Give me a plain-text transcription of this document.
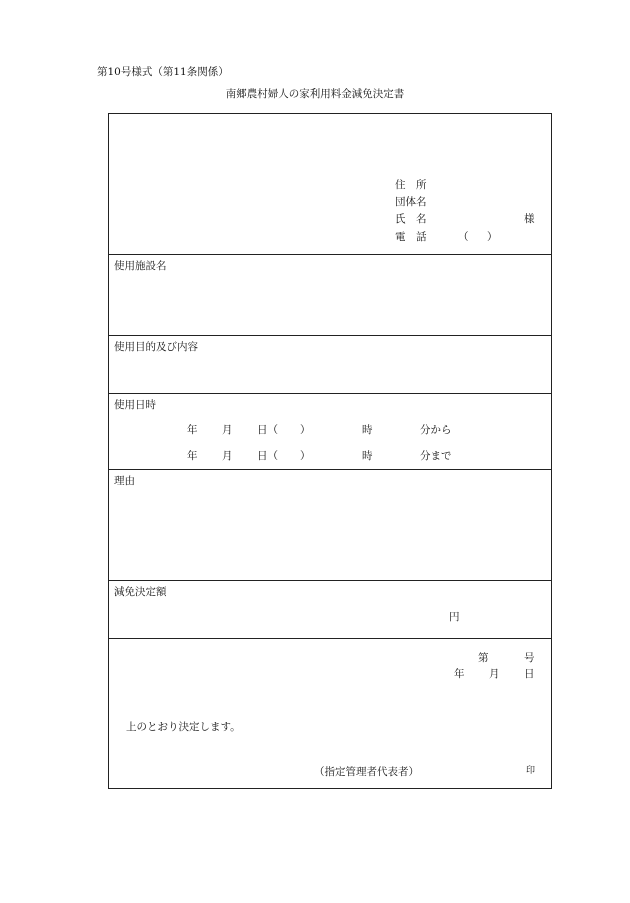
第10号様式（第11条関係）
南郷農村婦人の家利用料金減免決定書
住　所
団体名
氏　名	様
電　話	（ ）
使用施設名
使用目的及び内容
使用日時
年 月 日（ ）	時	分から
年 月 日（ ）	時	分まで
理由
減免決定額
円
第	号
年 月 日
上のとおり決定します。
（指定管理者代表者）	印
